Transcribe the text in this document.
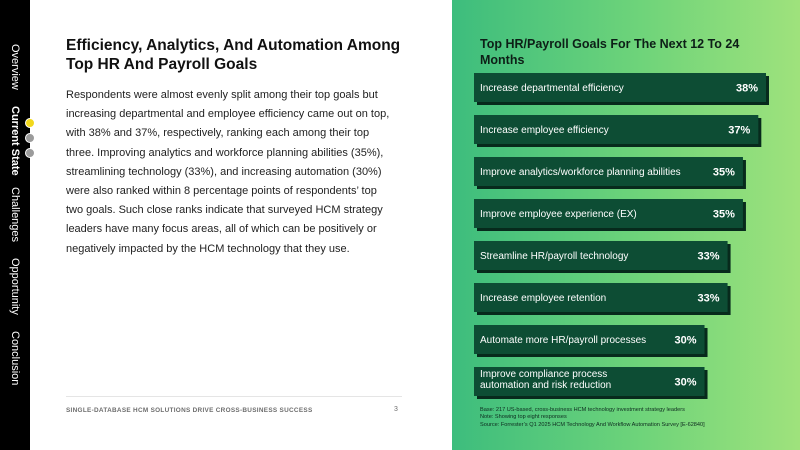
Overview
Current State
Challenges
Opportunity
Conclusion
Efficiency, Analytics, And Automation Among Top HR And Payroll Goals

Respondents were almost evenly split among their top goals but increasing departmental and employee efficiency came out on top, with 38% and 37%, respectively, ranking each among their top three. Improving analytics and workforce planning abilities (35%), streamlining technology (33%), and increasing automation (30%) were also ranked within 8 percentage points of respondents’ top two goals. Such close ranks indicate that surveyed HCM strategy leaders have many focus areas, all of which can be positively or negatively impacted by the HCM technology that they use.

SINGLE-DATABASE HCM SOLUTIONS DRIVE CROSS-BUSINESS SUCCESS	3
Top HR/Payroll Goals For The Next 12 To 24 Months
Increase departmental efficiency	38%
Increase employee efficiency	37%
Improve analytics/workforce planning abilities	35%
Improve employee experience (EX)	35%
Streamline HR/payroll technology	33%
Increase employee retention	33%
Automate more HR/payroll processes	30%
Improve compliance process automation and risk reduction	30%
Base: 217 US-based, cross-business HCM technology investment strategy leaders
Note: Showing top eight responses
Source: Forrester’s Q1 2025 HCM Technology And Workflow Automation Survey [E-62840]
